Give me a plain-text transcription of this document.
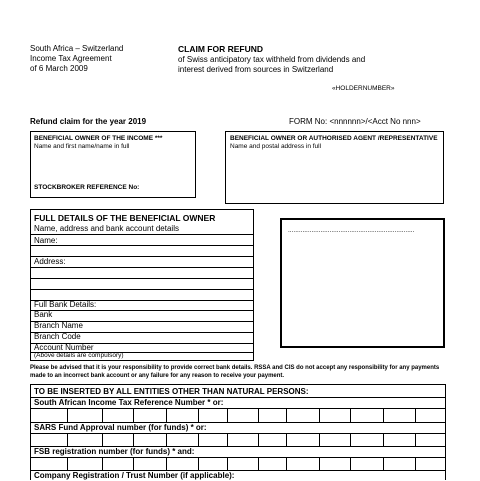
South Africa – Switzerland
Income Tax Agreement
of 6 March 2009
CLAIM FOR REFUND
of Swiss anticipatory tax withheld from dividends and
interest derived from sources in Switzerland
«HOLDERNUMBER»
Refund claim for the year 2019	FORM No: <nnnnnn>/<Acct No nnn>
BENEFICIAL OWNER OF THE INCOME ***
Name and first name/name in full
STOCKBROKER REFERENCE No:
BENEFICIAL OWNER OR AUTHORISED AGENT /REPRESENTATIVE
Name and postal address in full
FULL DETAILS OF THE BENEFICIAL OWNER
Name, address and bank account details
Name:
Address:
Full Bank Details:
Bank
Branch Name
Branch Code
Account Number
(Above details are compulsory)
......................................................................
Please be advised that it is your responsibility to provide correct bank details. RSSA and CIS do not accept any responsibility for any payments made to an incorrect bank account or any failure for any reason to receive your payment.
TO BE INSERTED BY ALL ENTITIES OTHER THAN NATURAL PERSONS:
South African Income Tax Reference Number * or:
SARS Fund Approval number (for funds) * or:
FSB registration number (for funds) * and:
Company Registration / Trust Number (if applicable):
